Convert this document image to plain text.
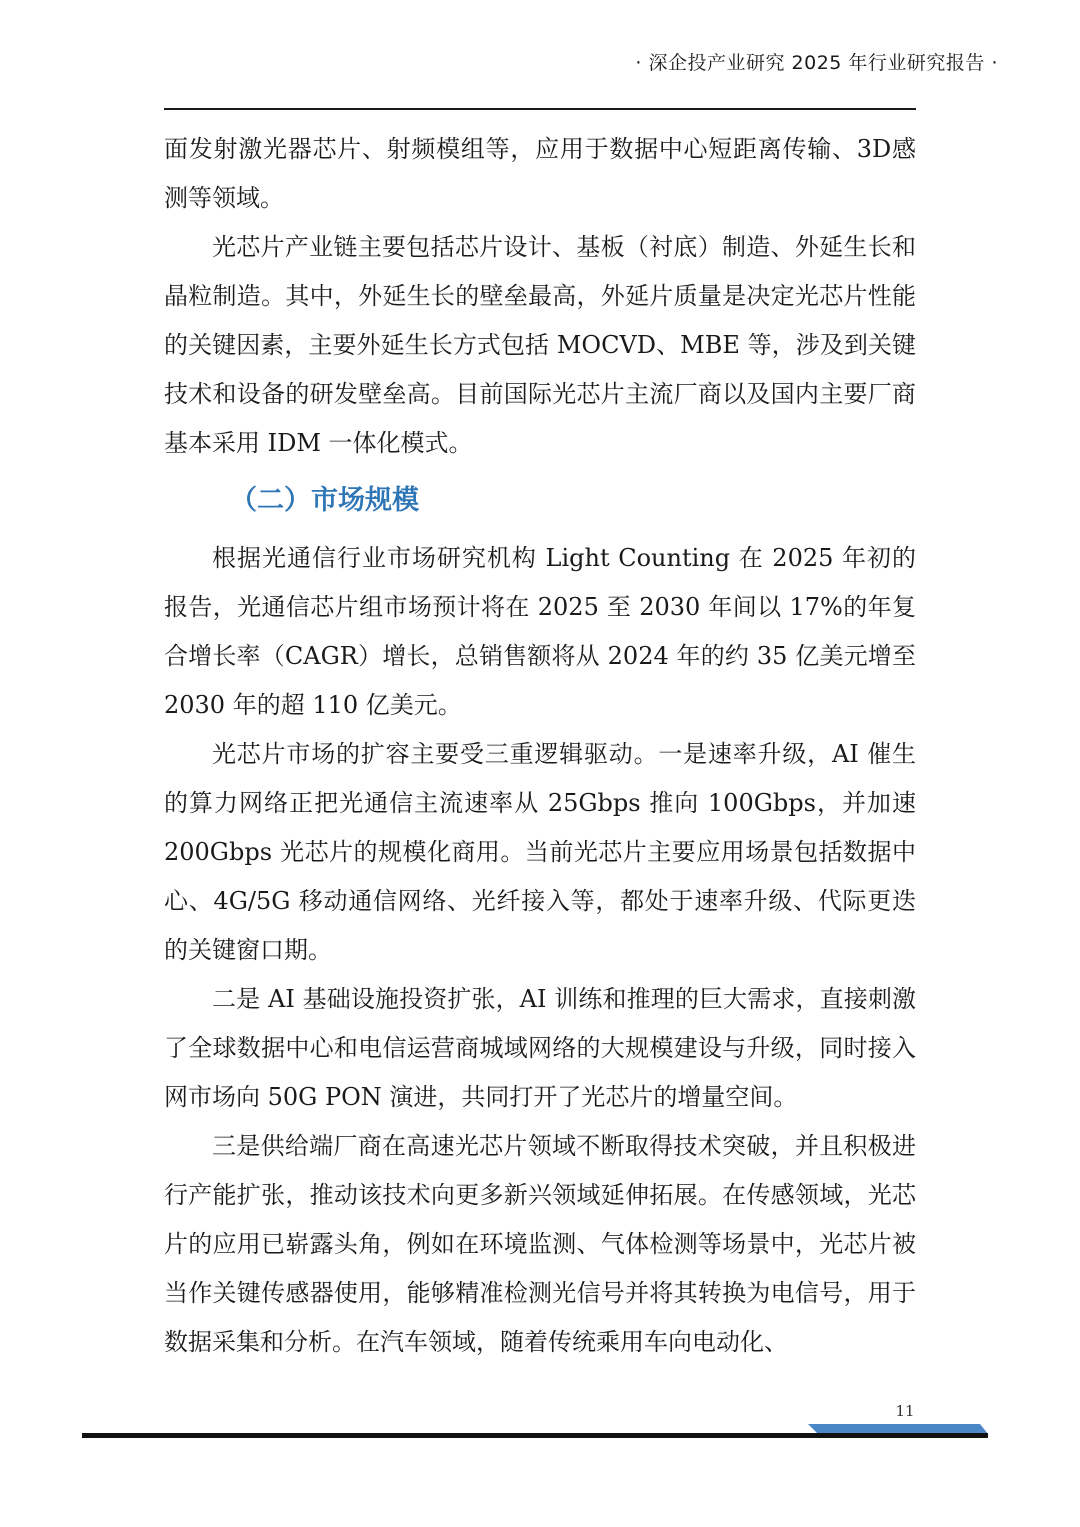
· 深企投产业研究 2025 年行业研究报告 ·

面发射激光器芯片、射频模组等，应用于数据中心短距离传输、3D感测等领域。

光芯片产业链主要包括芯片设计、基板（衬底）制造、外延生长和晶粒制造。其中，外延生长的壁垒最高，外延片质量是决定光芯片性能的关键因素，主要外延生长方式包括 MOCVD、MBE 等，涉及到关键技术和设备的研发壁垒高。目前国际光芯片主流厂商以及国内主要厂商基本采用 IDM 一体化模式。

（二）市场规模

根据光通信行业市场研究机构 Light Counting 在 2025 年初的报告，光通信芯片组市场预计将在 2025 至 2030 年间以 17%的年复合增长率（CAGR）增长，总销售额将从 2024 年的约 35 亿美元增至 2030 年的超 110 亿美元。

光芯片市场的扩容主要受三重逻辑驱动。一是速率升级，AI 催生的算力网络正把光通信主流速率从 25Gbps 推向 100Gbps，并加速 200Gbps 光芯片的规模化商用。当前光芯片主要应用场景包括数据中心、4G/5G 移动通信网络、光纤接入等，都处于速率升级、代际更迭的关键窗口期。

二是 AI 基础设施投资扩张，AI 训练和推理的巨大需求，直接刺激了全球数据中心和电信运营商城域网络的大规模建设与升级，同时接入网市场向 50G PON 演进，共同打开了光芯片的增量空间。

三是供给端厂商在高速光芯片领域不断取得技术突破，并且积极进行产能扩张，推动该技术向更多新兴领域延伸拓展。在传感领域，光芯片的应用已崭露头角，例如在环境监测、气体检测等场景中，光芯片被当作关键传感器使用，能够精准检测光信号并将其转换为电信号，用于数据采集和分析。在汽车领域，随着传统乘用车向电动化、

11
